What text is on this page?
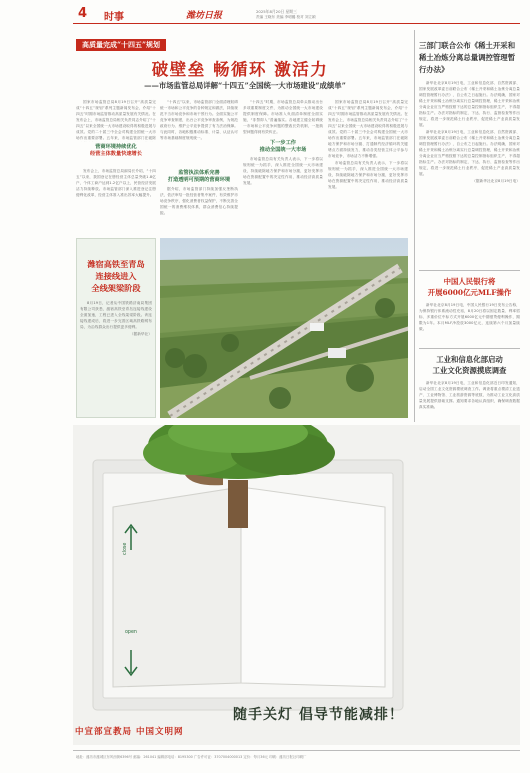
4 时事	潍坊日报	2025年8月20日 星期三
责编 王晓东 美编 李明璐 校对 刘立颖
高质量完成“十四五”规划
破壁垒 畅循环 激活力
——市场监管总局详解“十四五”全国统一大市场建设“成绩单”

国家市场监管总局8月19日召开“高质量完成“十四五”规划”系列主题新闻发布会，介绍“十四五”时期市场监管推动高质量发展有关情况。在发布会上，市场监管总局相关负责同志介绍了“十四五”以来全国统一大市场建设取得的积极进展与成效。党的二十届三中全会对构建全国统一大市场作出重要部署。五年来，市场监管部门在破除

营商环境持续优化
经营主体数量快速增长

发布会上，市场监管总局副局长介绍，“十四五”以来，我国登记在册经营主体总量突破1.8亿户，个体工商户达到1.2亿户以上，民营经济发展活力持续释放。市场监管部门深入推进登记注册便利化改革，经营主体准入准出效率大幅提升。

“十四五”以来，市场监管部门全面清理妨碍统一市场和公平竞争的各种规定和做法，持续规范不当市场竞争和市场干预行为。全面实施公平竞争审查制度，出台公平竞争审查条例，为规范政府行为、维护公平竞争提供了有力法治保障。与此同时，各地积极推动标准、计量、认证认可等市场基础制度规则统一。

监管执法体系完善
打造透明可预期的营商环境

据介绍，市场监管部门持续加强反垄断执法，依法审结一批经营者集中案件，有效维护市场竞争秩序，强化消费者权益保护，不断完善全国统一的消费维权体系，群众消费信心持续提振。

“十四五”时期，市场监管总局牵头推动出台多项重要制度文件，为推动全国统一大市场建设提供制度保障。市场准入负面清单制度全面实施，“非禁即入”普遍落实。各地建立健全妨碍统一市场和公平竞争问题的整改长效机制，一批典型问题得到有效纠正。

下一步工作
推动全国统一大市场

市场监管总局有关负责人表示，下一步将以规则统一为抓手，深入推进全国统一大市场建设，持续破除地方保护和市场分割，更好发挥市场在资源配置中的决定性作用，推动经济高质量发展。

国家市场监管总局8月19日召开“高质量完成“十四五”规划”系列主题新闻发布会，介绍“十四五”时期市场监管推动高质量发展有关情况。在发布会上，市场监管总局相关负责同志介绍了“十四五”以来全国统一大市场建设取得的积极进展与成效。党的二十届三中全会对构建全国统一大市场作出重要部署。五年来，市场监管部门在破除地方保护和市场分割、打通制约经济循环的关键堵点方面持续发力，推动各类经营主体公平参与市场竞争，市场活力不断增强。

市场监管总局有关负责人表示，下一步将以规则统一为抓手，深入推进全国统一大市场建设，持续破除地方保护和市场分割，更好发挥市场在资源配置中的决定性作用，推动经济高质量发展。

潍宿高铁至青岛
连接线进入
全线架梁阶段

8月19日，记者从中国铁路济南局集团有限公司获悉，潍宿高铁至青岛连接线建设全面加速，工程已进入全线架梁阶段。该连接线建成后，将进一步完善区域高铁路网布局，为沿线群众出行提供更多便利。

（据新华社）

close
open
随手关灯 倡导节能减排！
中宣部宣教局 中国文明网
三部门联合公布《稀土开采和稀土冶炼分离总量调控管理暂行办法》

新华社北京8月19日电，工业和信息化部、自然资源部、国家发展改革委日前联合公布《稀土开采和稀土冶炼分离总量调控管理暂行办法》，自公布之日起施行。办法明确，国家对稀土开采和稀土冶炼分离实行总量调控管理，稀土开采和冶炼分离企业应当严格按照下达的总量控制指标组织生产，不得超指标生产。办法对指标的制定、下达、执行、监督检查等作出规定，将进一步规范稀土行业秩序，促进稀土产业高质量发展。

新华社北京8月19日电，工业和信息化部、自然资源部、国家发展改革委日前联合公布《稀土开采和稀土冶炼分离总量调控管理暂行办法》，自公布之日起施行。办法明确，国家对稀土开采和稀土冶炼分离实行总量调控管理，稀土开采和冶炼分离企业应当严格按照下达的总量控制指标组织生产，不得超指标生产。办法对指标的制定、下达、执行、监督检查等作出规定，将进一步规范稀土行业秩序，促进稀土产业高质量发展。

（据新华社北京8月19日电）

中国人民银行将
开展6000亿元MLF操作

新华社北京8月19日电，中国人民银行19日发布公告称，为保持银行体系流动性充裕，8月20日将以固定数量、利率招标、多重价位中标方式开展6000亿元中期借贷便利操作，期限为1年。本月MLF净投放3000亿元，连续第六个月加量续做。

工业和信息化部启动
工业文化资源摸底调查

新华社北京8月19日电，工业和信息化部近日印发通知，启动全国工业文化资源摸底调查工作。调查将重点摸清工业遗产、工业博物馆、工业旅游资源等底数，为推动工业文化高质量发展提供基础支撑。通知要求各地认真组织，确保调查数据真实准确。

地址：潍坊市潍城区东风西街6396号 邮编：261041 编辑部电话：8195300 广告许可证：3707004000013 定价：每月36元 印刷：潍坊日报社印刷厂
